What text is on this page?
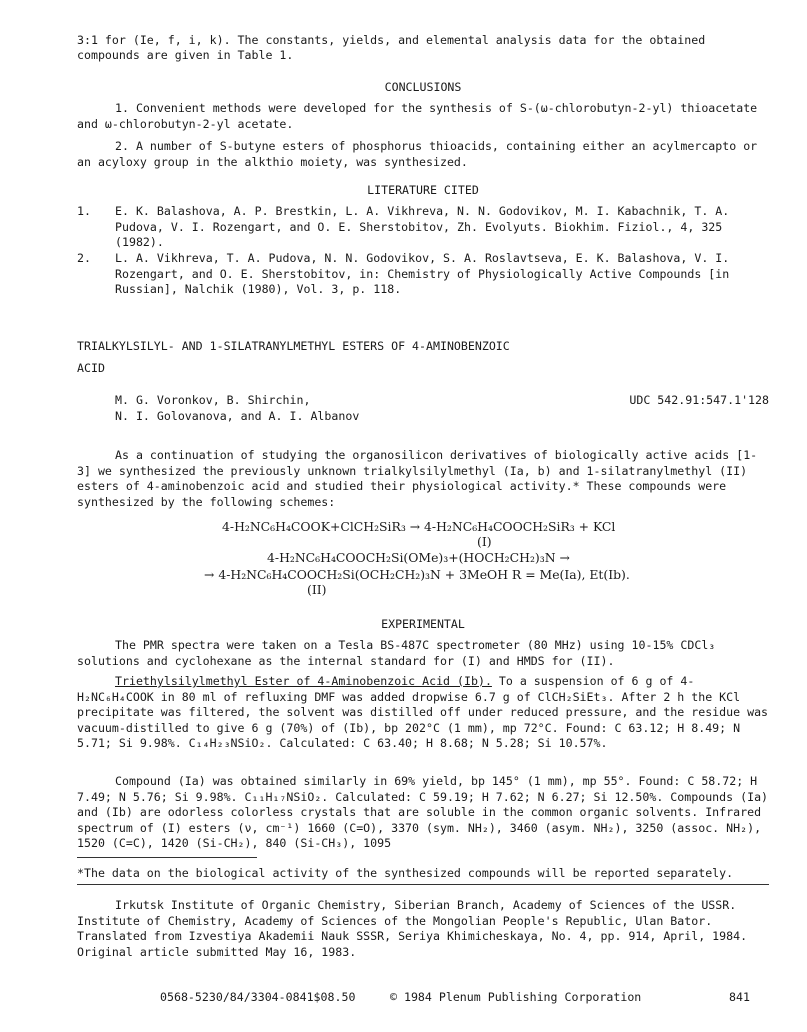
3:1 for (Ie, f, i, k). The constants, yields, and elemental analysis data for the obtained

compounds are given in Table 1.

CONCLUSIONS

1. Convenient methods were developed for the synthesis of S-(ω-chlorobutyn-2-yl) thioacetate and ω-chlorobutyn-2-yl acetate.

2. A number of S-butyne esters of phosphorus thioacids, containing either an acylmercapto or an acyloxy group in the alkthio moiety, was synthesized.

LITERATURE CITED

1.	E. K. Balashova, A. P. Brestkin, L. A. Vikhreva, N. N. Godovikov, M. I. Kabachnik, T. A. Pudova, V. I. Rozengart, and O. E. Sherstobitov, Zh. Evolyuts. Biokhim. Fiziol., 4, 325 (1982).

2.	L. A. Vikhreva, T. A. Pudova, N. N. Godovikov, S. A. Roslavtseva, E. K. Balashova, V. I. Rozengart, and O. E. Sherstobitov, in: Chemistry of Physiologically Active Compounds [in Russian], Nalchik (1980), Vol. 3, p. 118.

TRIALKYLSILYL- AND 1-SILATRANYLMETHYL ESTERS OF 4-AMINOBENZOIC

ACID

M. G. Voronkov, B. Shirchin,

N. I. Golovanova, and A. I. Albanov

UDC 542.91:547.1'128

As a continuation of studying the organosilicon derivatives of biologically active acids [1-3] we synthesized the previously unknown trialkylsilylmethyl (Ia, b) and 1-silatranylmethyl (II) esters of 4-aminobenzoic acid and studied their physiological activity.* These compounds were synthesized by the following schemes:

4-H₂NC₆H₄COOK+ClCH₂SiR₃ → 4-H₂NC₆H₄COOCH₂SiR₃ + KCl
(I)
4-H₂NC₆H₄COOCH₂Si(OMe)₃+(HOCH₂CH₂)₃N →
→ 4-H₂NC₆H₄COOCH₂Si(OCH₂CH₂)₃N + 3MeOH R = Me(Ia), Et(Ib).
(II)

EXPERIMENTAL

The PMR spectra were taken on a Tesla BS-487C spectrometer (80 MHz) using 10-15% CDCl₃ solutions and cyclohexane as the internal standard for (I) and HMDS for (II).

Triethylsilylmethyl Ester of 4-Aminobenzoic Acid (Ib). To a suspension of 6 g of 4-H₂NC₆H₄COOK in 80 ml of refluxing DMF was added dropwise 6.7 g of ClCH₂SiEt₃. After 2 h the KCl precipitate was filtered, the solvent was distilled off under reduced pressure, and the residue was vacuum-distilled to give 6 g (70%) of (Ib), bp 202°C (1 mm), mp 72°C. Found: C 63.12; H 8.49; N 5.71; Si 9.98%. C₁₄H₂₃NSiO₂. Calculated: C 63.40; H 8.68; N 5.28; Si 10.57%.

Compound (Ia) was obtained similarly in 69% yield, bp 145° (1 mm), mp 55°. Found: C 58.72; H 7.49; N 5.76; Si 9.98%. C₁₁H₁₇NSiO₂. Calculated: C 59.19; H 7.62; N 6.27; Si 12.50%. Compounds (Ia) and (Ib) are odorless colorless crystals that are soluble in the common organic solvents. Infrared spectrum of (I) esters (ν, cm⁻¹) 1660 (C=O), 3370 (sym. NH₂), 3460 (asym. NH₂), 3250 (assoc. NH₂), 1520 (C=C), 1420 (Si-CH₂), 840 (Si-CH₃), 1095

*The data on the biological activity of the synthesized compounds will be reported separately.

Irkutsk Institute of Organic Chemistry, Siberian Branch, Academy of Sciences of the USSR. Institute of Chemistry, Academy of Sciences of the Mongolian People's Republic, Ulan Bator. Translated from Izvestiya Akademii Nauk SSSR, Seriya Khimicheskaya, No. 4, pp. 914, April, 1984. Original article submitted May 16, 1983.

0568-5230/84/3304-0841$08.50	© 1984 Plenum Publishing Corporation	841
